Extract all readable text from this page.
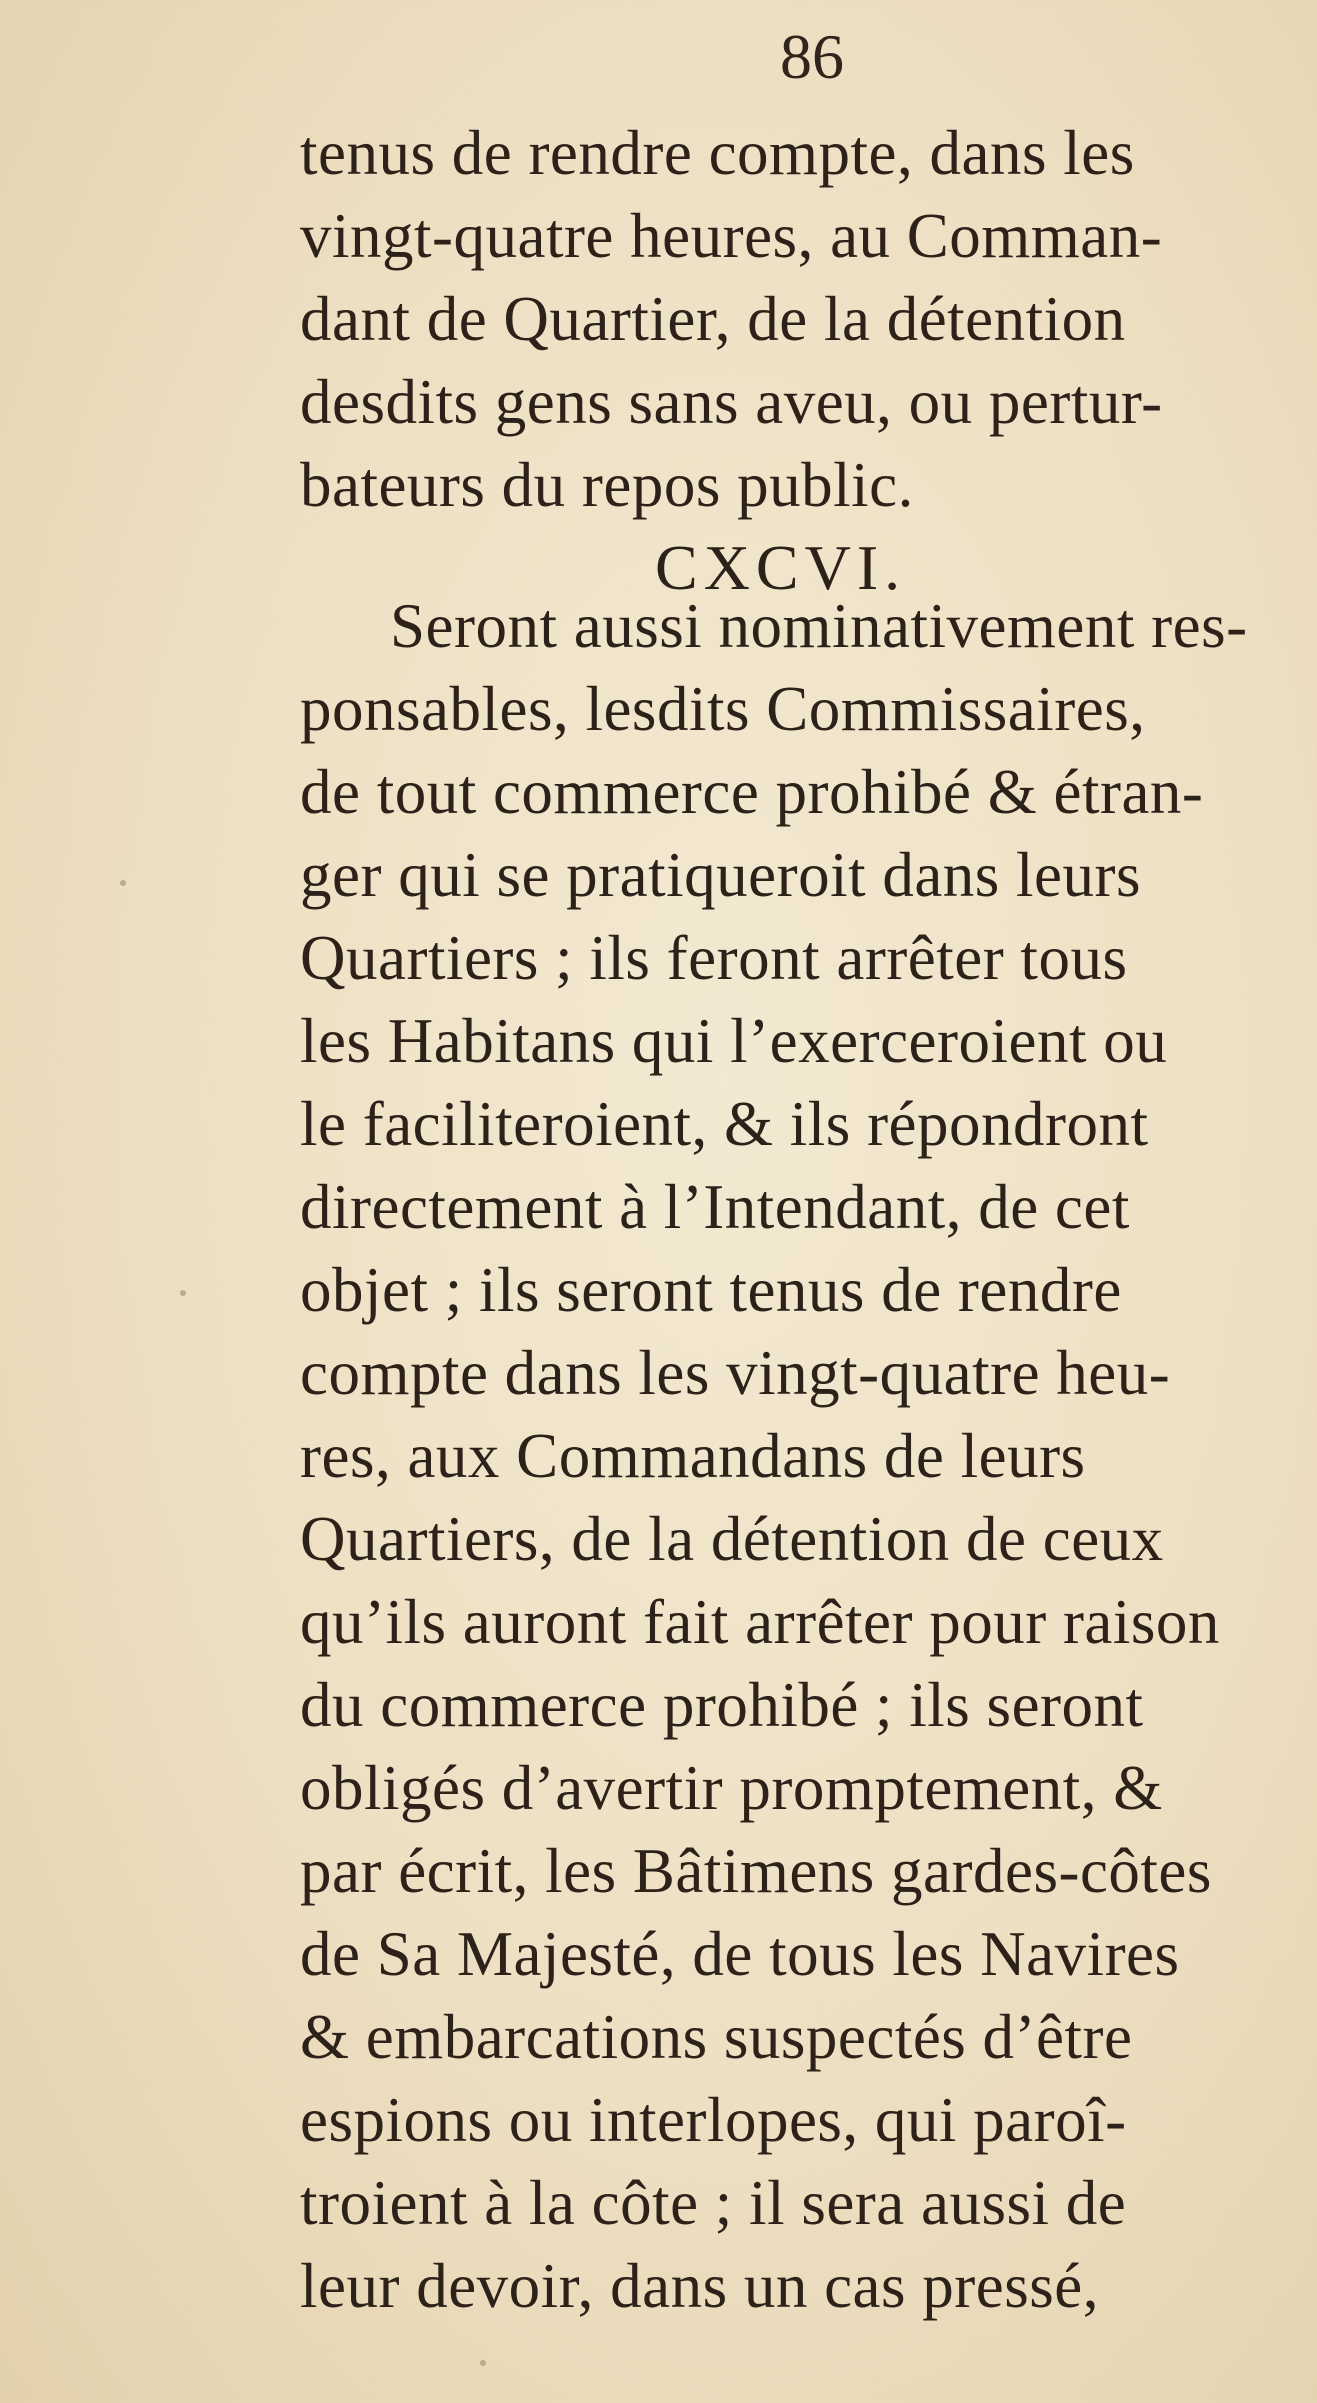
86
tenus de rendre compte, dans les
vingt-quatre heures, au Comman-
dant de Quartier, de la détention
desdits gens sans aveu, ou pertur-
bateurs du repos public.
CXCVI.
Seront aussi nominativement res-
ponsables, lesdits Commissaires,
de tout commerce prohibé & étran-
ger qui se pratiqueroit dans leurs
Quartiers ; ils feront arrêter tous
les Habitans qui l’exerceroient ou
le faciliteroient, & ils répondront
directement à l’Intendant, de cet
objet ; ils seront tenus de rendre
compte dans les vingt-quatre heu-
res, aux Commandans de leurs
Quartiers, de la détention de ceux
qu’ils auront fait arrêter pour raison
du commerce prohibé ; ils seront
obligés d’avertir promptement, &
par écrit, les Bâtimens gardes-côtes
de Sa Majesté, de tous les Navires
& embarcations suspectés d’être
espions ou interlopes, qui paroî-
troient à la côte ; il sera aussi de
leur devoir, dans un cas pressé,
